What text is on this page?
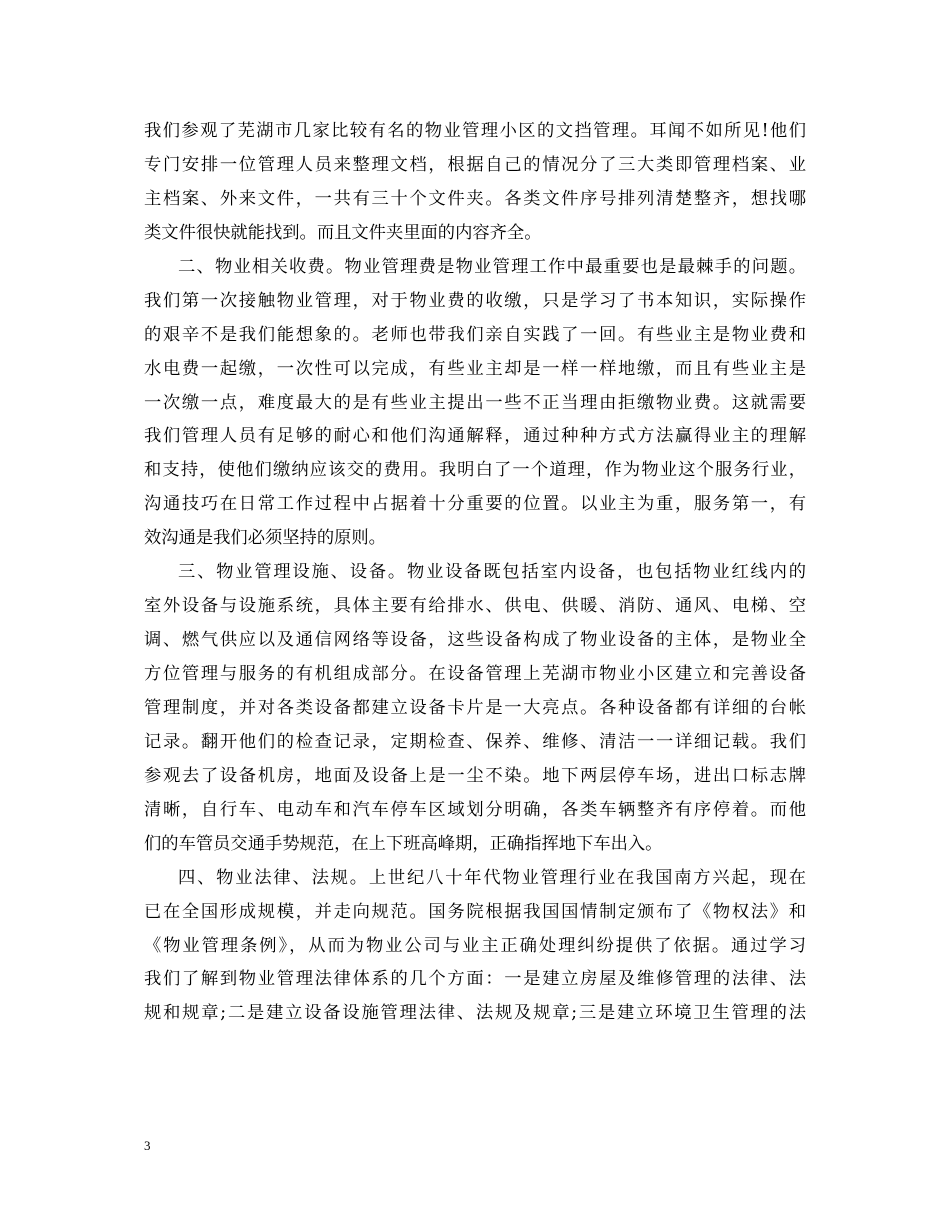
我们参观了芜湖市几家比较有名的物业管理小区的文挡管理。耳闻不如所见!他们
专门安排一位管理人员来整理文档，根据自己的情况分了三大类即管理档案、业
主档案、外来文件，一共有三十个文件夹。各类文件序号排列清楚整齐，想找哪
类文件很快就能找到。而且文件夹里面的内容齐全。
二、物业相关收费。物业管理费是物业管理工作中最重要也是最棘手的问题。
我们第一次接触物业管理，对于物业费的收缴，只是学习了书本知识，实际操作
的艰辛不是我们能想象的。老师也带我们亲自实践了一回。有些业主是物业费和
水电费一起缴，一次性可以完成，有些业主却是一样一样地缴，而且有些业主是
一次缴一点，难度最大的是有些业主提出一些不正当理由拒缴物业费。这就需要
我们管理人员有足够的耐心和他们沟通解释，通过种种方式方法赢得业主的理解
和支持，使他们缴纳应该交的费用。我明白了一个道理，作为物业这个服务行业，
沟通技巧在日常工作过程中占据着十分重要的位置。以业主为重，服务第一，有
效沟通是我们必须坚持的原则。
三、物业管理设施、设备。物业设备既包括室内设备，也包括物业红线内的
室外设备与设施系统，具体主要有给排水、供电、供暖、消防、通风、电梯、空
调、燃气供应以及通信网络等设备，这些设备构成了物业设备的主体，是物业全
方位管理与服务的有机组成部分。在设备管理上芜湖市物业小区建立和完善设备
管理制度，并对各类设备都建立设备卡片是一大亮点。各种设备都有详细的台帐
记录。翻开他们的检查记录，定期检查、保养、维修、清洁一一详细记载。我们
参观去了设备机房，地面及设备上是一尘不染。地下两层停车场，进出口标志牌
清晰，自行车、电动车和汽车停车区域划分明确，各类车辆整齐有序停着。而他
们的车管员交通手势规范，在上下班高峰期，正确指挥地下车出入。
四、物业法律、法规。上世纪八十年代物业管理行业在我国南方兴起，现在
已在全国形成规模，并走向规范。国务院根据我国国情制定颁布了《物权法》和
《物业管理条例》，从而为物业公司与业主正确处理纠纷提供了依据。通过学习
我们了解到物业管理法律体系的几个方面：一是建立房屋及维修管理的法律、法
规和规章;二是建立设备设施管理法律、法规及规章;三是建立环境卫生管理的法
3
